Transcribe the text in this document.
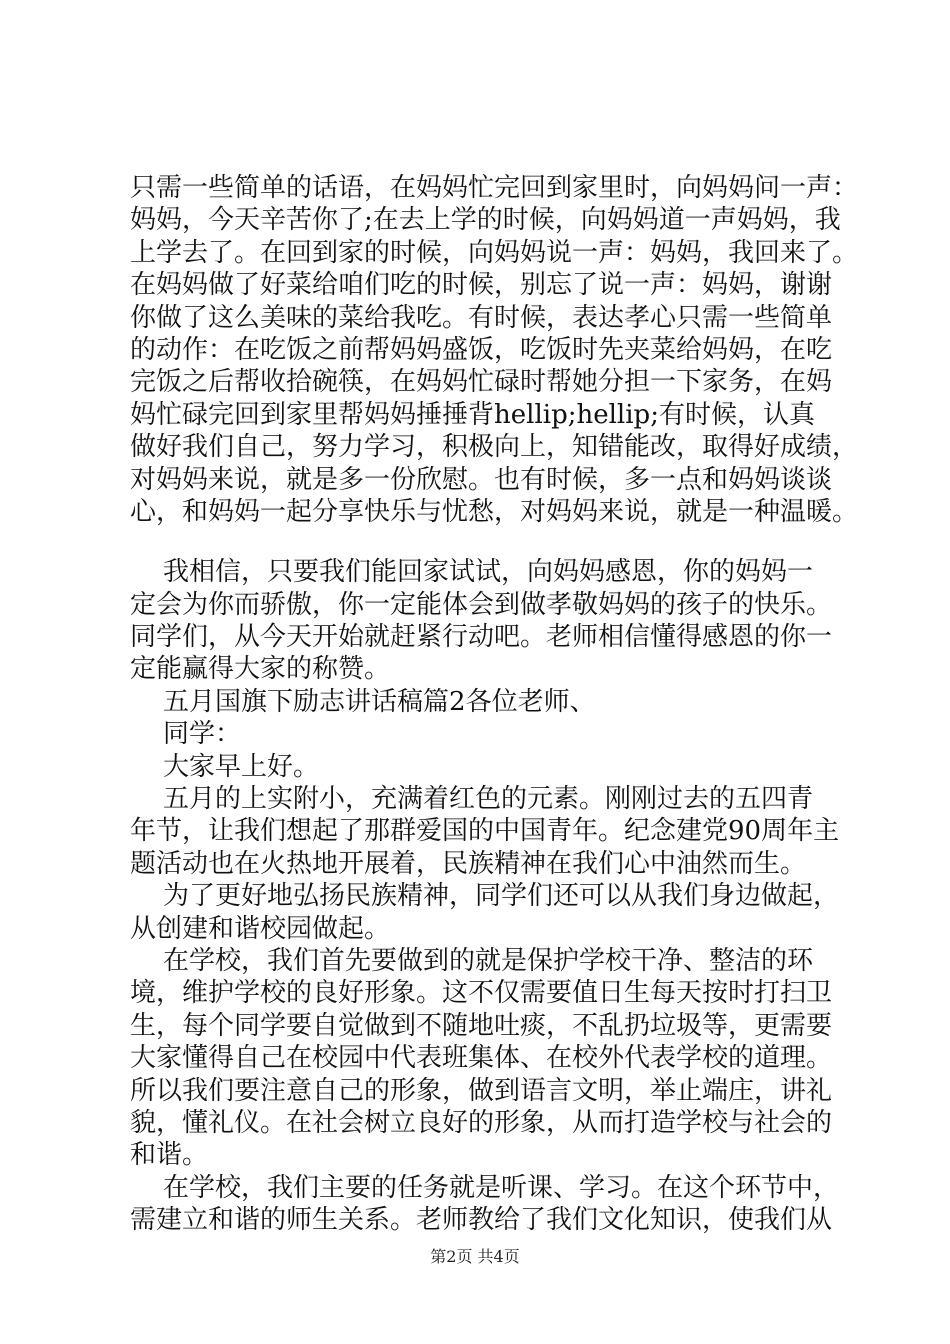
只需一些简单的话语，在妈妈忙完回到家里时，向妈妈问一声：
妈妈，今天辛苦你了;在去上学的时候，向妈妈道一声妈妈，我
上学去了。在回到家的时候，向妈妈说一声：妈妈，我回来了。
在妈妈做了好菜给咱们吃的时候，别忘了说一声：妈妈，谢谢
你做了这么美味的菜给我吃。有时候，表达孝心只需一些简单
的动作：在吃饭之前帮妈妈盛饭，吃饭时先夹菜给妈妈，在吃
完饭之后帮收拾碗筷，在妈妈忙碌时帮她分担一下家务，在妈
妈忙碌完回到家里帮妈妈捶捶背hellip;hellip;有时候，认真
做好我们自己，努力学习，积极向上，知错能改，取得好成绩，
对妈妈来说，就是多一份欣慰。也有时候，多一点和妈妈谈谈
心，和妈妈一起分享快乐与忧愁，对妈妈来说，就是一种温暖。
我相信，只要我们能回家试试，向妈妈感恩，你的妈妈一
定会为你而骄傲，你一定能体会到做孝敬妈妈的孩子的快乐。
同学们，从今天开始就赶紧行动吧。老师相信懂得感恩的你一
定能赢得大家的称赞。
五月国旗下励志讲话稿篇2各位老师、
同学：
大家早上好。
五月的上实附小，充满着红色的元素。刚刚过去的五四青
年节，让我们想起了那群爱国的中国青年。纪念建党90周年主
题活动也在火热地开展着，民族精神在我们心中油然而生。
为了更好地弘扬民族精神，同学们还可以从我们身边做起，
从创建和谐校园做起。
在学校，我们首先要做到的就是保护学校干净、整洁的环
境，维护学校的良好形象。这不仅需要值日生每天按时打扫卫
生，每个同学要自觉做到不随地吐痰，不乱扔垃圾等，更需要
大家懂得自己在校园中代表班集体、在校外代表学校的道理。
所以我们要注意自己的形象，做到语言文明，举止端庄，讲礼
貌，懂礼仪。在社会树立良好的形象，从而打造学校与社会的
和谐。
在学校，我们主要的任务就是听课、学习。在这个环节中，
需建立和谐的师生关系。老师教给了我们文化知识，使我们从
第2页 共4页
